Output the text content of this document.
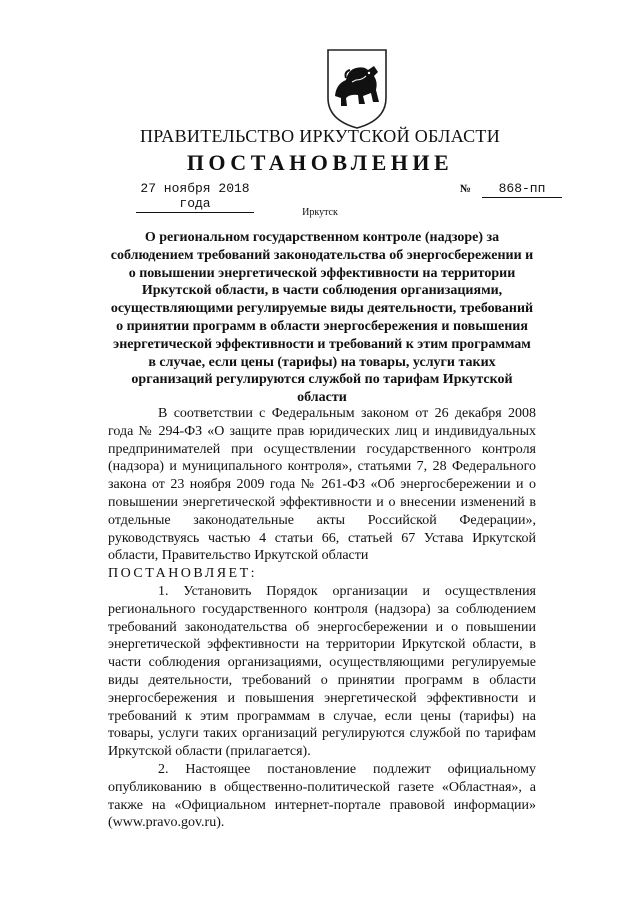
ПРАВИТЕЛЬСТВО ИРКУТСКОЙ ОБЛАСТИ
ПОСТАНОВЛЕНИЕ
27 ноября 2018 года
№	868-пп
Иркутск
О региональном государственном контроле (надзоре) за соблюдением требований законодательства об энергосбережении и о повышении энергетической эффективности на территории Иркутской области, в части соблюдения организациями, осуществляющими регулируемые виды деятельности, требований о принятии программ в области энергосбережения и повышения энергетической эффективности и требований к этим программам в случае, если цены (тарифы) на товары, услуги таких организаций регулируются службой по тарифам Иркутской области

В соответствии с Федеральным законом от 26 декабря 2008 года № 294-ФЗ «О защите прав юридических лиц и индивидуальных предпринимателей при осуществлении государственного контроля (надзора) и муниципального контроля», статьями 7, 28 Федерального закона от 23 ноября 2009 года № 261-ФЗ «Об энергосбережении и о повышении энергетической эффективности и о внесении изменений в отдельные законодательные акты Российской Федерации», руководствуясь частью 4 статьи 66, статьей 67 Устава Иркутской области, Правительство Иркутской области

ПОСТАНОВЛЯЕТ:

1. Установить Порядок организации и осуществления регионального государственного контроля (надзора) за соблюдением требований законодательства об энергосбережении и о повышении энергетической эффективности на территории Иркутской области, в части соблюдения организациями, осуществляющими регулируемые виды деятельности, требований о принятии программ в области энергосбережения и повышения энергетической эффективности и требований к этим программам в случае, если цены (тарифы) на товары, услуги таких организаций регулируются службой по тарифам Иркутской области (прилагается).

2. Настоящее постановление подлежит официальному опубликованию в общественно-политической газете «Областная», а также на «Официальном интернет-портале правовой информации» (www.pravo.gov.ru).
